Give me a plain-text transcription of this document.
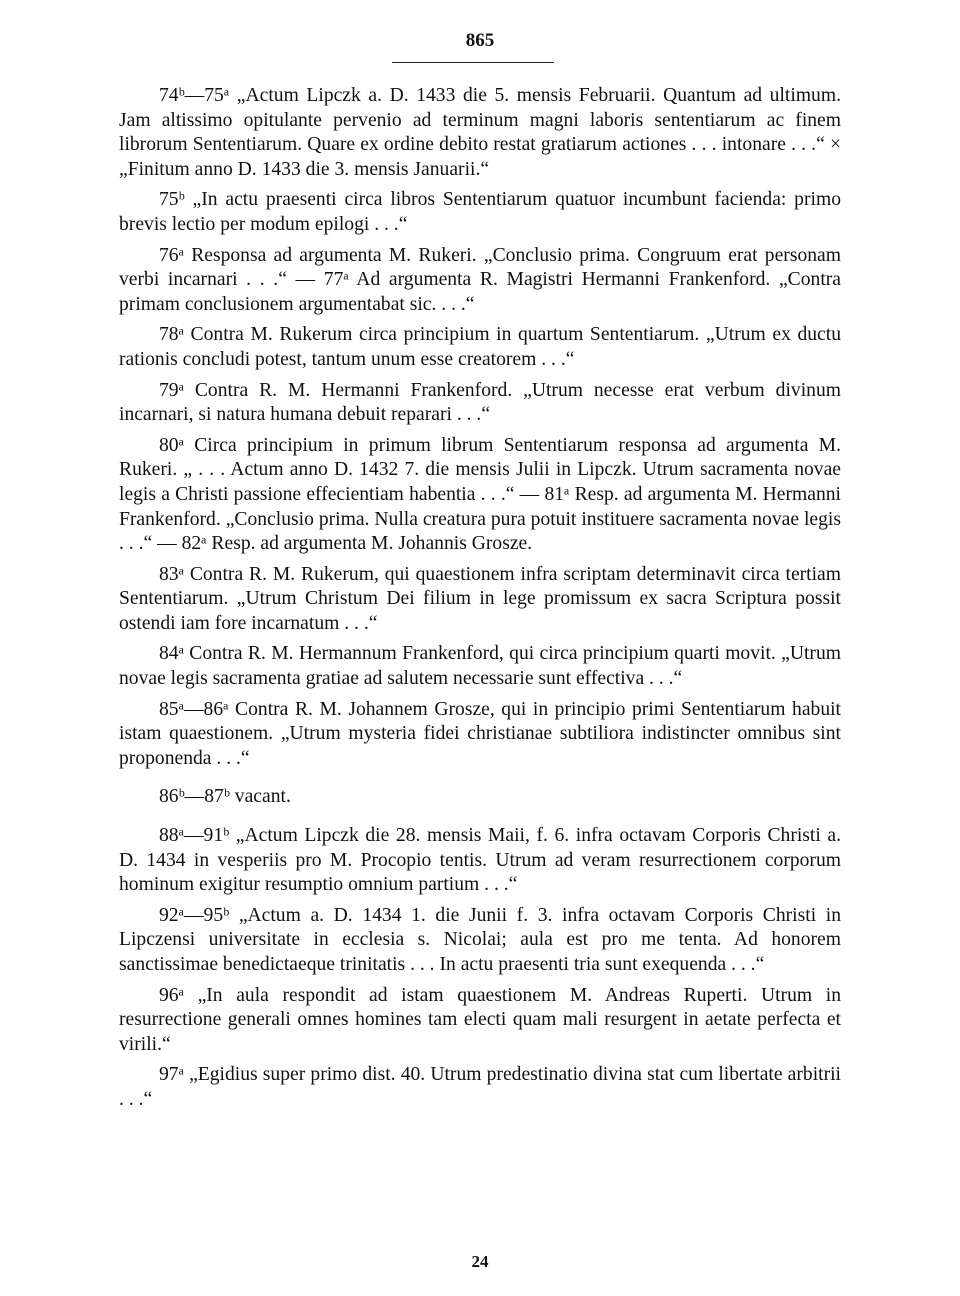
865

74ᵇ—75ᵃ „Actum Lipczk a. D. 1433 die 5. mensis Februarii. Quantum ad ultimum. Jam altissimo opitulante pervenio ad terminum magni laboris sententiarum ac finem librorum Sententiarum. Quare ex ordine debito restat gratiarum actiones . . . intonare . . .“ × „Finitum anno D. 1433 die 3. mensis Januarii.“

75ᵇ „In actu praesenti circa libros Sententiarum quatuor incumbunt facienda: primo brevis lectio per modum epilogi . . .“

76ᵃ Responsa ad argumenta M. Rukeri. „Conclusio prima. Congruum erat personam verbi incarnari . . .“ — 77ᵃ Ad argumenta R. Magistri Hermanni Frankenford. „Contra primam conclusionem argumentabat sic. . . .“

78ᵃ Contra M. Rukerum circa principium in quartum Sententiarum. „Utrum ex ductu rationis concludi potest, tantum unum esse creatorem . . .“

79ᵃ Contra R. M. Hermanni Frankenford. „Utrum necesse erat verbum divinum incarnari, si natura humana debuit reparari . . .“

80ᵃ Circa principium in primum librum Sententiarum responsa ad argumenta M. Rukeri. „ . . . Actum anno D. 1432 7. die mensis Julii in Lipczk. Utrum sacramenta novae legis a Christi passione effecientiam habentia . . .“ — 81ᵃ Resp. ad argumenta M. Hermanni Frankenford. „Conclusio prima. Nulla creatura pura potuit instituere sacramenta novae legis . . .“ — 82ᵃ Resp. ad argumenta M. Johannis Grosze.

83ᵃ Contra R. M. Rukerum, qui quaestionem infra scriptam determinavit circa tertiam Sententiarum. „Utrum Christum Dei filium in lege promissum ex sacra Scriptura possit ostendi iam fore incarnatum . . .“

84ᵃ Contra R. M. Hermannum Frankenford, qui circa principium quarti movit. „Utrum novae legis sacramenta gratiae ad salutem necessarie sunt effectiva . . .“

85ᵃ—86ᵃ Contra R. M. Johannem Grosze, qui in principio primi Sententiarum habuit istam quaestionem. „Utrum mysteria fidei christianae subtiliora indistincter omnibus sint proponenda . . .“

86ᵇ—87ᵇ vacant.

88ᵃ—91ᵇ „Actum Lipczk die 28. mensis Maii, f. 6. infra octavam Corporis Christi a. D. 1434 in vesperiis pro M. Procopio tentis. Utrum ad veram resurrectionem corporum hominum exigitur resumptio omnium partium . . .“

92ᵃ—95ᵇ „Actum a. D. 1434 1. die Junii f. 3. infra octavam Corporis Christi in Lipczensi universitate in ecclesia s. Nicolai; aula est pro me tenta. Ad honorem sanctissimae benedictaeque trinitatis . . . In actu praesenti tria sunt exequenda . . .“

96ᵃ „In aula respondit ad istam quaestionem M. Andreas Ruperti. Utrum in resurrectione generali omnes homines tam electi quam mali resurgent in aetate perfecta et virili.“

97ᵃ „Egidius super primo dist. 40. Utrum predestinatio divina stat cum libertate arbitrii . . .“

24
